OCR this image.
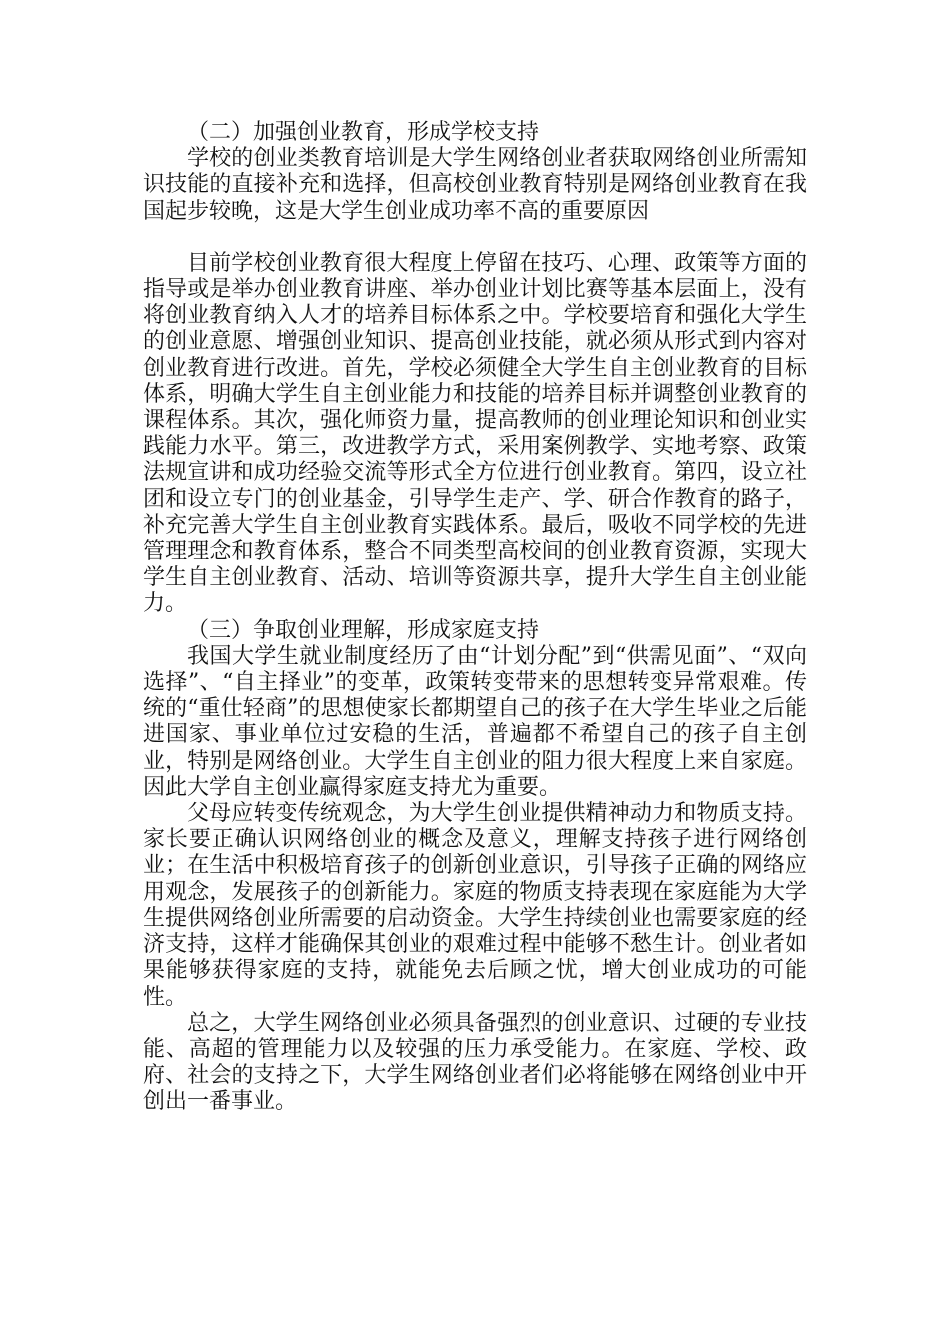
（二）加强创业教育，形成学校支持

学校的创业类教育培训是大学生网络创业者获取网络创业所需知识技能的直接补充和选择，但高校创业教育特别是网络创业教育在我国起步较晚，这是大学生创业成功率不高的重要原因

目前学校创业教育很大程度上停留在技巧、心理、政策等方面的指导或是举办创业教育讲座、举办创业计划比赛等基本层面上，没有将创业教育纳入人才的培养目标体系之中。学校要培育和强化大学生的创业意愿、增强创业知识、提高创业技能，就必须从形式到内容对创业教育进行改进。首先，学校必须健全大学生自主创业教育的目标体系，明确大学生自主创业能力和技能的培养目标并调整创业教育的课程体系。其次，强化师资力量，提高教师的创业理论知识和创业实践能力水平。第三，改进教学方式，采用案例教学、实地考察、政策法规宣讲和成功经验交流等形式全方位进行创业教育。第四，设立社团和设立专门的创业基金，引导学生走产、学、研合作教育的路子，补充完善大学生自主创业教育实践体系。最后，吸收不同学校的先进管理理念和教育体系，整合不同类型高校间的创业教育资源，实现大学生自主创业教育、活动、培训等资源共享，提升大学生自主创业能力。

（三）争取创业理解，形成家庭支持

我国大学生就业制度经历了由“计划分配”到“供需见面”、“双向选择”、“自主择业”的变革，政策转变带来的思想转变异常艰难。传统的“重仕轻商”的思想使家长都期望自己的孩子在大学生毕业之后能进国家、事业单位过安稳的生活，普遍都不希望自己的孩子自主创业，特别是网络创业。大学生自主创业的阻力很大程度上来自家庭。因此大学自主创业赢得家庭支持尤为重要。

父母应转变传统观念，为大学生创业提供精神动力和物质支持。家长要正确认识网络创业的概念及意义，理解支持孩子进行网络创业；在生活中积极培育孩子的创新创业意识，引导孩子正确的网络应用观念，发展孩子的创新能力。家庭的物质支持表现在家庭能为大学生提供网络创业所需要的启动资金。大学生持续创业也需要家庭的经济支持，这样才能确保其创业的艰难过程中能够不愁生计。创业者如果能够获得家庭的支持，就能免去后顾之忧，增大创业成功的可能性。

总之，大学生网络创业必须具备强烈的创业意识、过硬的专业技能、高超的管理能力以及较强的压力承受能力。在家庭、学校、政府、社会的支持之下，大学生网络创业者们必将能够在网络创业中开创出一番事业。
